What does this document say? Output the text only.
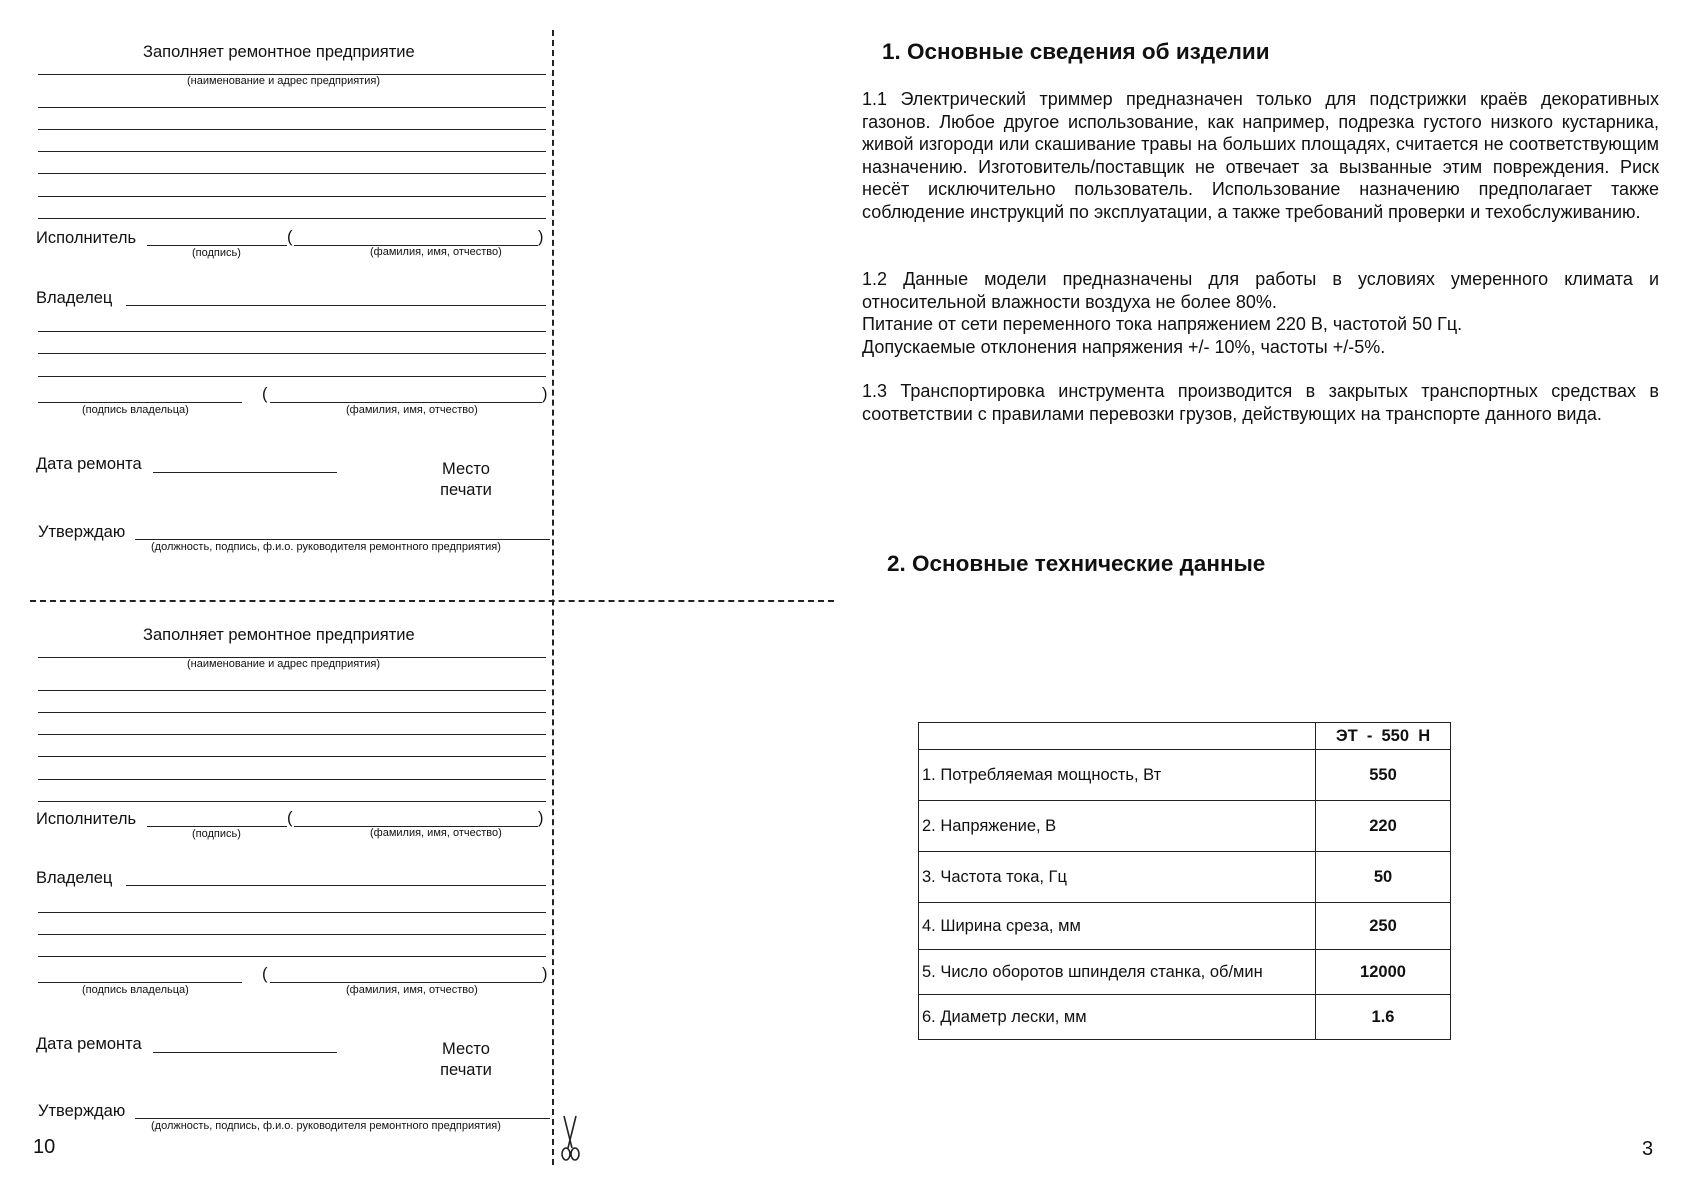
Заполняет ремонтное предприятие
(наименование и адрес предприятия)
Исполнитель	(	)
(подпись)	(фамилия, имя, отчество)
Владелец
(	)
(подпись владельца)	(фамилия, имя, отчество)
Дата ремонта	Место
печати
Утверждаю
(должность, подпись, ф.и.о. руководителя ремонтного предприятия)
Заполняет ремонтное предприятие
(наименование и адрес предприятия)
Исполнитель	(	)
(подпись)	(фамилия, имя, отчество)
Владелец
(	)
(подпись владельца)	(фамилия, имя, отчество)
Дата ремонта	Место
печати
Утверждаю
(должность, подпись, ф.и.о. руководителя ремонтного предприятия)
10
1. Основные сведения об изделии
1.1 Электрический триммер предназначен только для подстрижки краёв декоративных газонов. Любое другое использование, как например, подрезка густого низкого кустарника, живой изгороди или скашивание травы на больших площадях, считается не соответствующим назначению. Изготовитель/поставщик не отвечает за вызванные этим повреждения. Риск несёт исключительно пользователь. Использование назначению предполагает также соблюдение инструкций по эксплуатации, а также требований проверки и техобслуживанию.
1.2 Данные модели предназначены для работы в условиях умеренного климата и относительной влажности воздуха не более 80%.
Питание от сети переменного тока напряжением 220 В, частотой 50 Гц.
Допускаемые отклонения напряжения +/- 10%, частоты +/-5%.
1.3 Транспортировка инструмента производится в закрытых транспортных средствах в соответствии с правилами перевозки грузов, действующих на транспорте данного вида.
2. Основные технические данные
	ЭТ  -  550  Н
1. Потребляемая мощность, Вт	550
2. Напряжение, В	220
3. Частота тока, Гц	50
4. Ширина среза, мм	250
5. Число оборотов шпинделя станка, об/мин	12000
6. Диаметр лески, мм	1.6
3
